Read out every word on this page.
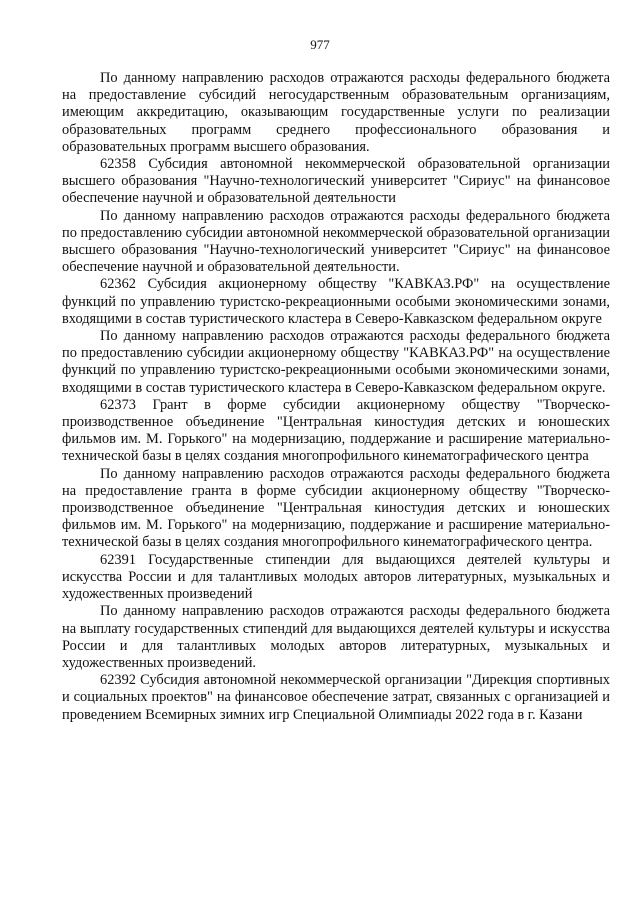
977

По данному направлению расходов отражаются расходы федерального бюджета на предоставление субсидий негосударственным образовательным организациям, имеющим аккредитацию, оказывающим государственные услуги по реализации образовательных программ среднего профессионального образования и образовательных программ высшего образования.

62358 Субсидия автономной некоммерческой образовательной организации высшего образования "Научно-технологический университет "Сириус" на финансовое обеспечение научной и образовательной деятельности

По данному направлению расходов отражаются расходы федерального бюджета по предоставлению субсидии автономной некоммерческой образовательной организации высшего образования "Научно-технологический университет "Сириус" на финансовое обеспечение научной и образовательной деятельности.

62362 Субсидия акционерному обществу "КАВКАЗ.РФ" на осуществление функций по управлению туристско-рекреационными особыми экономическими зонами, входящими в состав туристического кластера в Северо-Кавказском федеральном округе

По данному направлению расходов отражаются расходы федерального бюджета по предоставлению субсидии акционерному обществу "КАВКАЗ.РФ" на осуществление функций по управлению туристско-рекреационными особыми экономическими зонами, входящими в состав туристического кластера в Северо-Кавказском федеральном округе.

62373 Грант в форме субсидии акционерному обществу "Творческо-производственное объединение "Центральная киностудия детских и юношеских фильмов им. М. Горького" на модернизацию, поддержание и расширение материально-технической базы в целях создания многопрофильного кинематографического центра

По данному направлению расходов отражаются расходы федерального бюджета на предоставление гранта в форме субсидии акционерному обществу "Творческо-производственное объединение "Центральная киностудия детских и юношеских фильмов им. М. Горького" на модернизацию, поддержание и расширение материально-технической базы в целях создания многопрофильного кинематографического центра.

62391 Государственные стипендии для выдающихся деятелей культуры и искусства России и для талантливых молодых авторов литературных, музыкальных и художественных произведений

По данному направлению расходов отражаются расходы федерального бюджета на выплату государственных стипендий для выдающихся деятелей культуры и искусства России и для талантливых молодых авторов литературных, музыкальных и художественных произведений.

62392 Субсидия автономной некоммерческой организации "Дирекция спортивных и социальных проектов" на финансовое обеспечение затрат, связанных с организацией и проведением Всемирных зимних игр Специальной Олимпиады 2022 года в г. Казани
